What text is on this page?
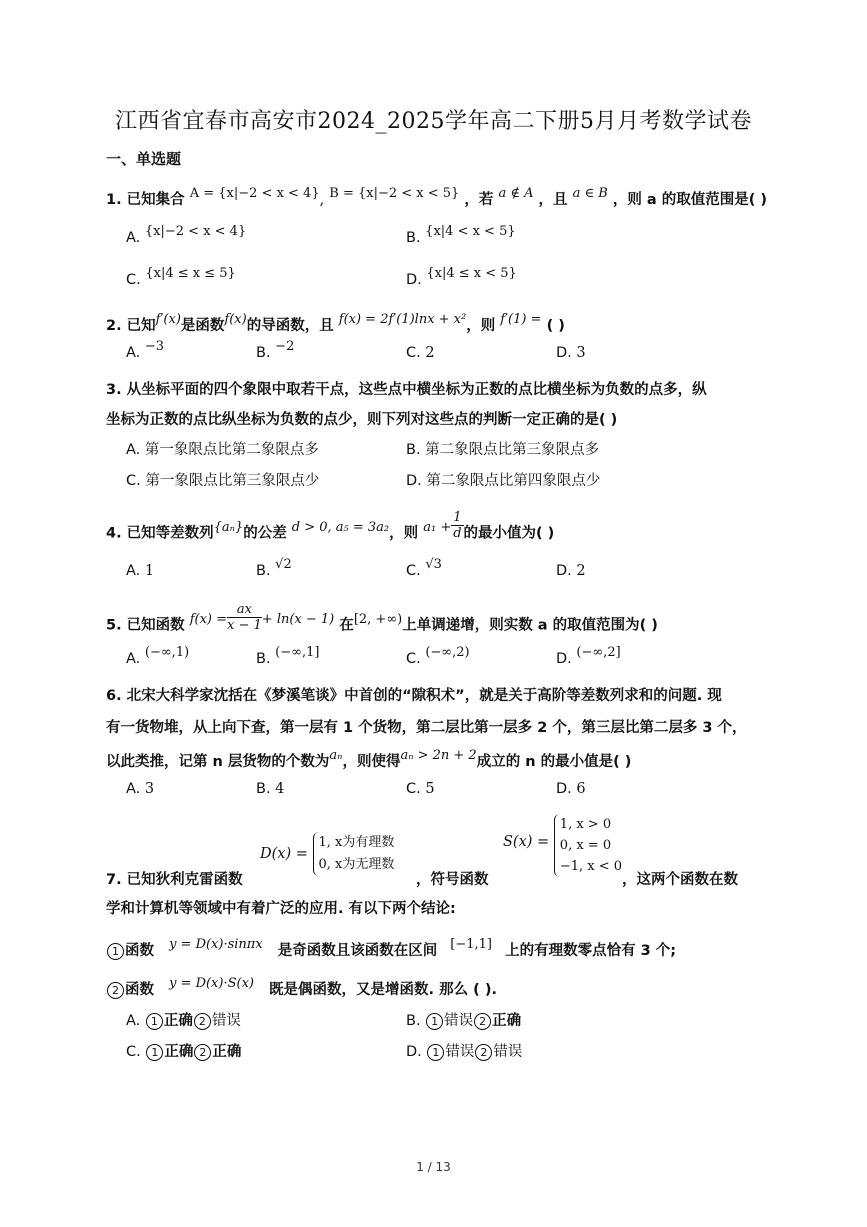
江西省宜春市高安市2024_2025学年高二下册5月月考数学试卷
一、单选题
1. 已知集合 A = {x|−2 < x < 4}, B = {x|−2 < x < 5} ，若 a ∉ A ，且 a ∈ B ，则 a 的取值范围是( )
A. {x|−2 < x < 4}	B. {x|4 < x < 5}
C. {x|4 ≤ x ≤ 5}	D. {x|4 ≤ x < 5}
2. 已知f′(x)是函数f(x)的导函数，且 f(x) = 2f′(1)lnx + x²，则 f′(1) = ( )
A. −3	B. −2	C. 2	D. 3
3. 从坐标平面的四个象限中取若干点，这些点中横坐标为正数的点比横坐标为负数的点多，纵
坐标为正数的点比纵坐标为负数的点少，则下列对这些点的判断一定正确的是( )
A. 第一象限点比第二象限点多	B. 第二象限点比第三象限点多
C. 第一象限点比第三象限点少	D. 第二象限点比第四象限点少
4. 已知等差数列{aₙ}的公差 d > 0, a₅ = 3a₂，则 $a_1 + \frac{1}{d}$ 的最小值为( )
A. 1	B. √2	C. √3	D. 2
5. 已知函数 $f(x) = \frac{ax}{x - 1} + \ln(x - 1)$ 在[2, +∞)上单调递增，则实数 a 的取值范围为( )
A. (−∞,1)	B. (−∞,1]	C. (−∞,2)	D. (−∞,2]
6. 北宋大科学家沈括在《梦溪笔谈》中首创的“隙积术”，就是关于高阶等差数列求和的问题. 现
有一货物堆，从上向下查，第一层有 1 个货物，第二层比第一层多 2 个，第三层比第二层多 3 个，
以此类推，记第 n 层货物的个数为aₙ，则使得aₙ > 2n + 2成立的 n 的最小值是( )
A. 3	B. 4	C. 5	D. 6
D(x) =
1, x为有理数
0, x为无理数
S(x) =
1, x > 0
0, x = 0
−1, x < 0
7. 已知狄利克雷函数	，符号函数	，这两个函数在数
学和计算机等领域中有着广泛的应用. 有以下两个结论:
1 函数 y = D(x)·sinπx 是奇函数且该函数在区间 [−1,1] 上的有理数零点恰有 3 个;
2 函数 y = D(x)·S(x) 既是偶函数，又是增函数. 那么 ( ).
A. 1 正确 2 错误	B. 1 错误 2 正确
C. 1 正确 2 正确	D. 1 错误 2 错误
1 / 13
